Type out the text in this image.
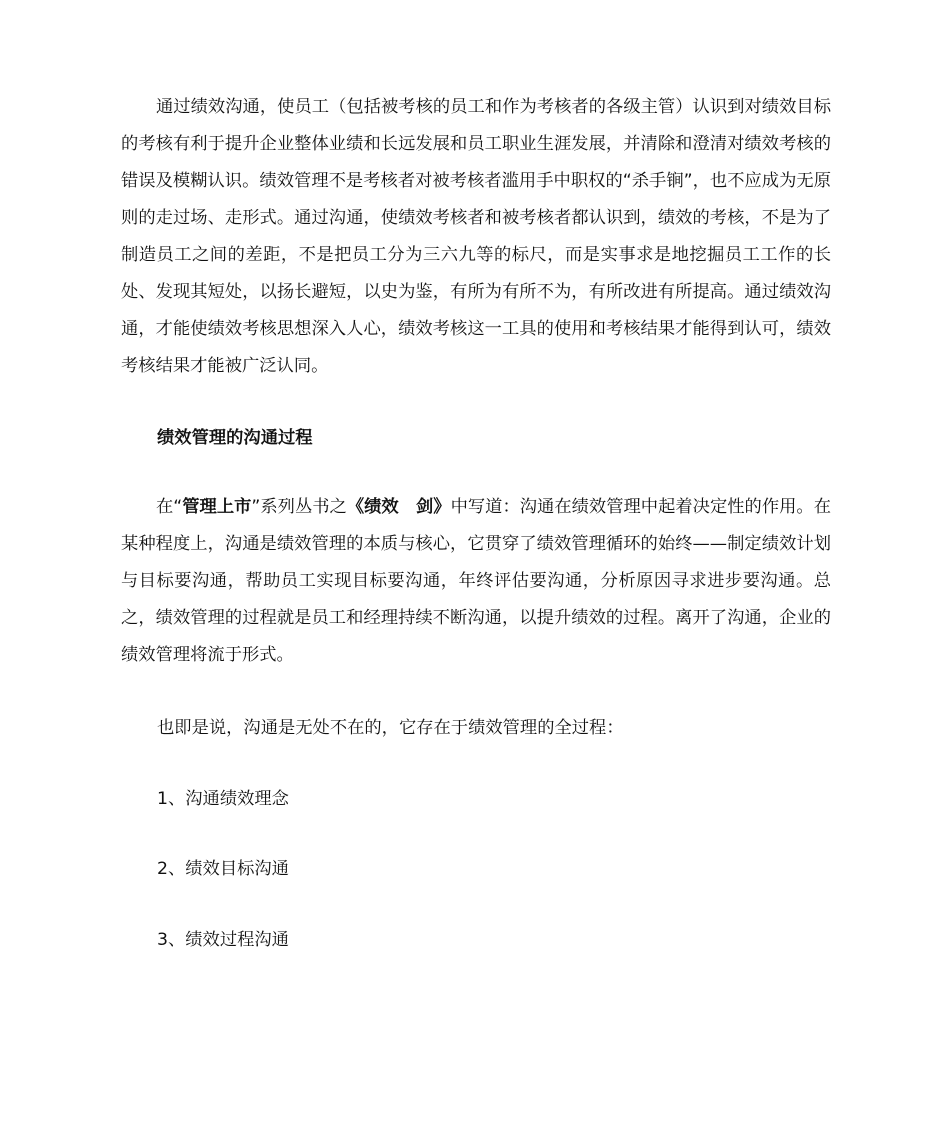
通过绩效沟通，使员工（包括被考核的员工和作为考核者的各级主管）认识到对绩效目标的考核有利于提升企业整体业绩和长远发展和员工职业生涯发展，并清除和澄清对绩效考核的错误及模糊认识。绩效管理不是考核者对被考核者滥用手中职权的“杀手锏”，也不应成为无原则的走过场、走形式。通过沟通，使绩效考核者和被考核者都认识到，绩效的考核，不是为了制造员工之间的差距，不是把员工分为三六九等的标尺，而是实事求是地挖掘员工工作的长处、发现其短处，以扬长避短，以史为鉴，有所为有所不为，有所改进有所提高。通过绩效沟通，才能使绩效考核思想深入人心，绩效考核这一工具的使用和考核结果才能得到认可，绩效考核结果才能被广泛认同。

绩效管理的沟通过程

在“管理上市”系列丛书之《绩效　剑》中写道：沟通在绩效管理中起着决定性的作用。在某种程度上，沟通是绩效管理的本质与核心，它贯穿了绩效管理循环的始终——制定绩效计划与目标要沟通，帮助员工实现目标要沟通，年终评估要沟通，分析原因寻求进步要沟通。总之，绩效管理的过程就是员工和经理持续不断沟通，以提升绩效的过程。离开了沟通，企业的绩效管理将流于形式。

也即是说，沟通是无处不在的，它存在于绩效管理的全过程：

1、沟通绩效理念

2、绩效目标沟通

3、绩效过程沟通
